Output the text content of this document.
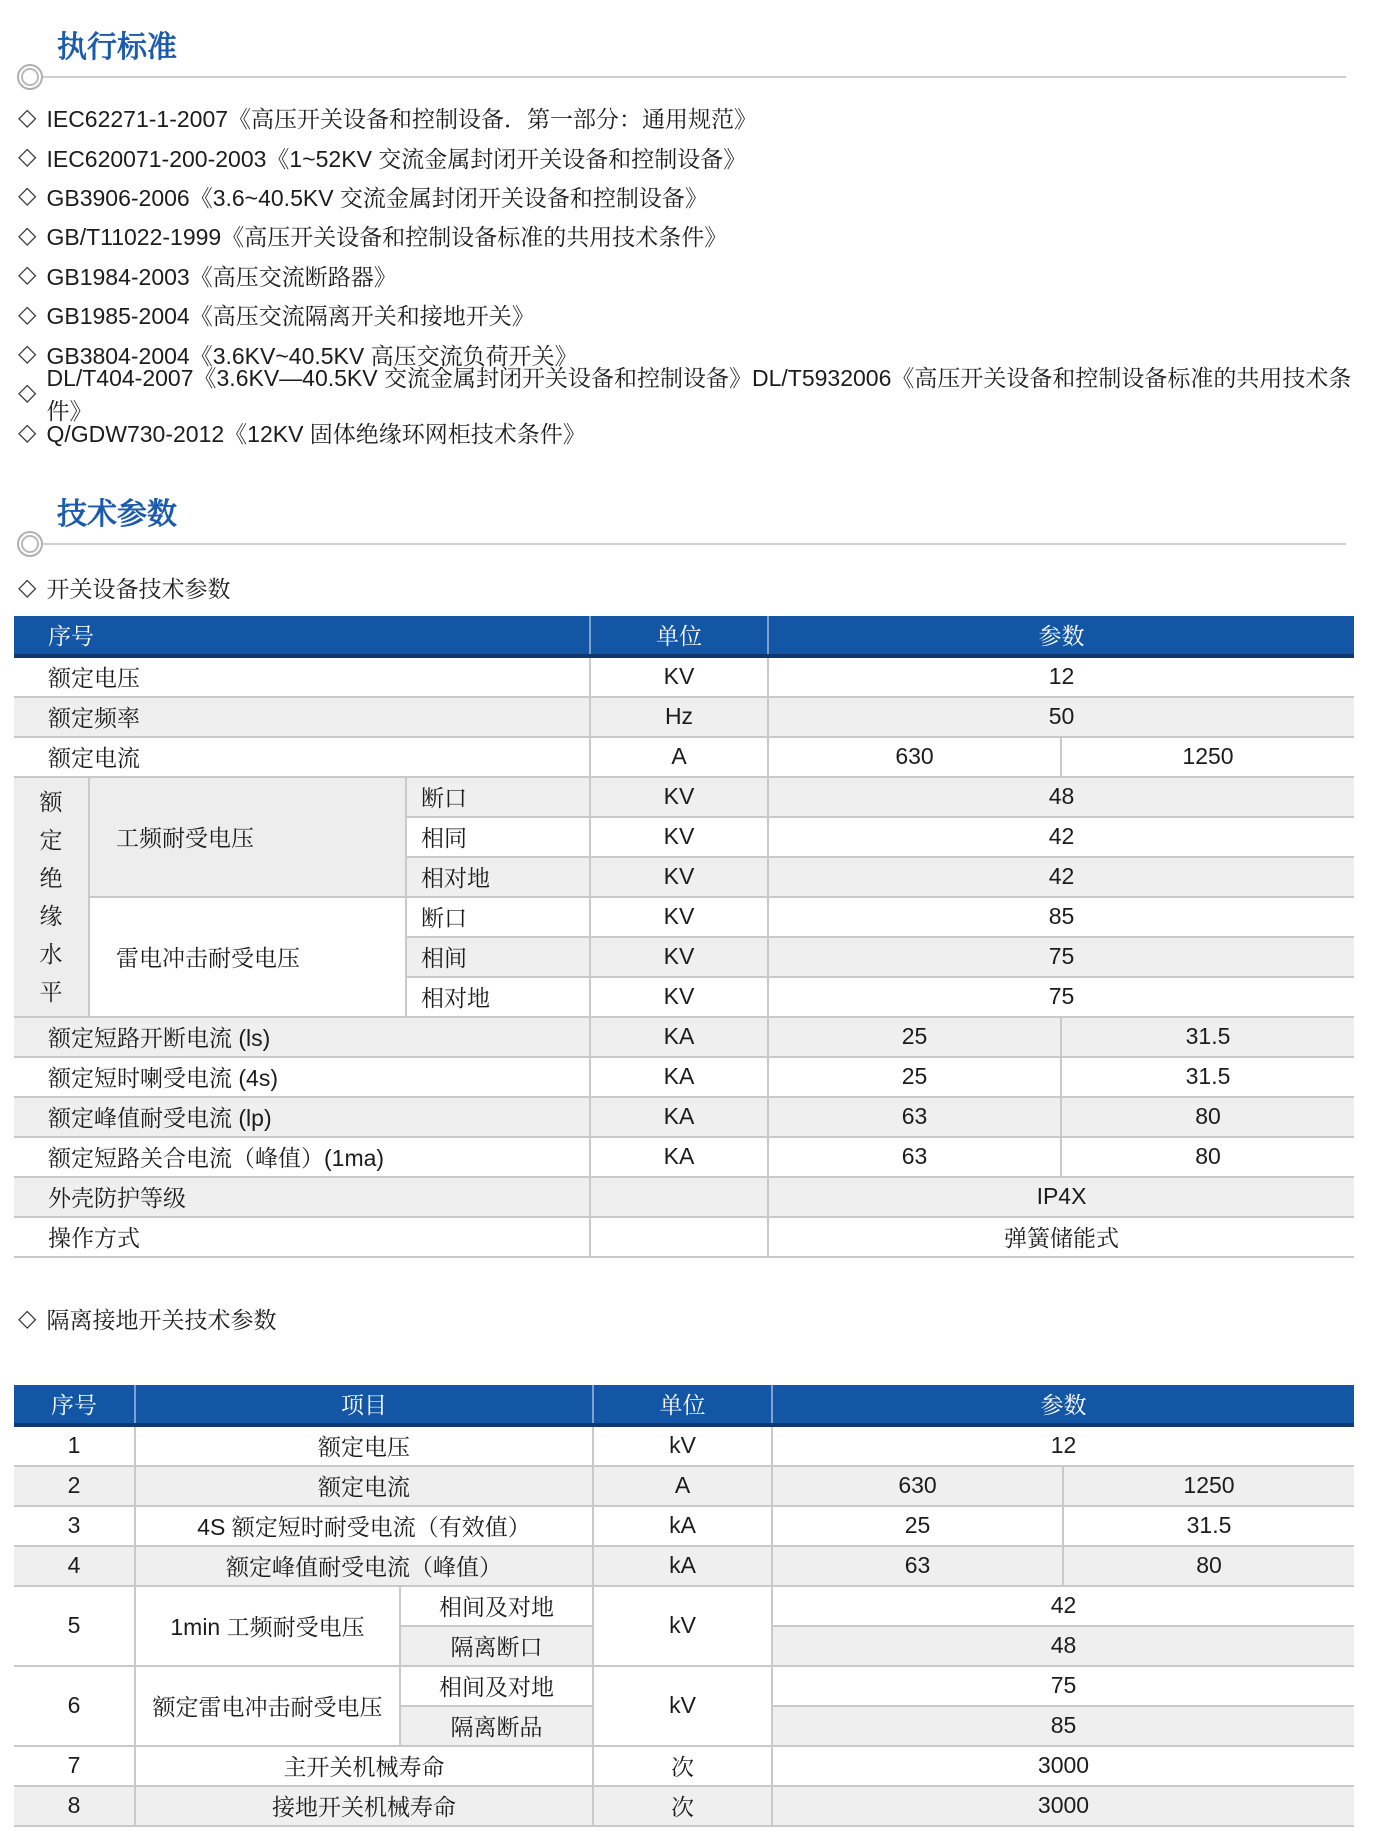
执行标准
◇ IEC62271-1-2007《高压开关设备和控制设备．第一部分：通用规范》
◇ IEC620071-200-2003《1~52KV 交流金属封闭开关设备和控制设备》
◇ GB3906-2006《3.6~40.5KV 交流金属封闭开关设备和控制设备》
◇ GB/T11022-1999《高压开关设备和控制设备标准的共用技术条件》
◇ GB1984-2003《高压交流断路器》
◇ GB1985-2004《高压交流隔离开关和接地开关》
◇ GB3804-2004《3.6KV~40.5KV 高压交流负荷开关》
◇
DL/T404-2007《3.6KV—40.5KV 交流金属封闭开关设备和控制设备》DL/T5932006《高压开关设备和控制设备标准的共用技术条件》
◇ Q/GDW730-2012《12KV 固体绝缘环网柜技术条件》
技术参数
◇ 开关设备技术参数
序号			单位	参数	
额定电压			KV	12	
额定频率			Hz	50	
额定电流			A	630	1250

额定绝缘水平	工频耐受电压	断口	KV	48	
		相同	KV	42	
		相对地	KV	42	
	雷电冲击耐受电压	断口	KV	85	
		相间	KV	75	
		相对地	KV	75	
额定短路开断电流 (ls)			KA	25	31.5
额定短时喇受电流 (4s)			KA	25	31.5
额定峰值耐受电流 (lp)			KA	63	80
额定短路关合电流（峰值）(1ma)			KA	63	80
外壳防护等级				IP4X	
操作方式				弹簧储能式	
◇ 隔离接地开关技术参数
序号	项目		单位	参数	
1	额定电压		kV	12	
2	额定电流		A	630	1250
3	4S 额定短时耐受电流（有效值）		kA	25	31.5
4	额定峰值耐受电流（峰值）		kA	63	80
5	1min 工频耐受电压	相间及对地	kV	42	
		隔离断口		48	
6	额定雷电冲击耐受电压	相间及对地	kV	75	
		隔离断品		85	
7	主开关机械寿命		次	3000	
8	接地开关机械寿命		次	3000	
